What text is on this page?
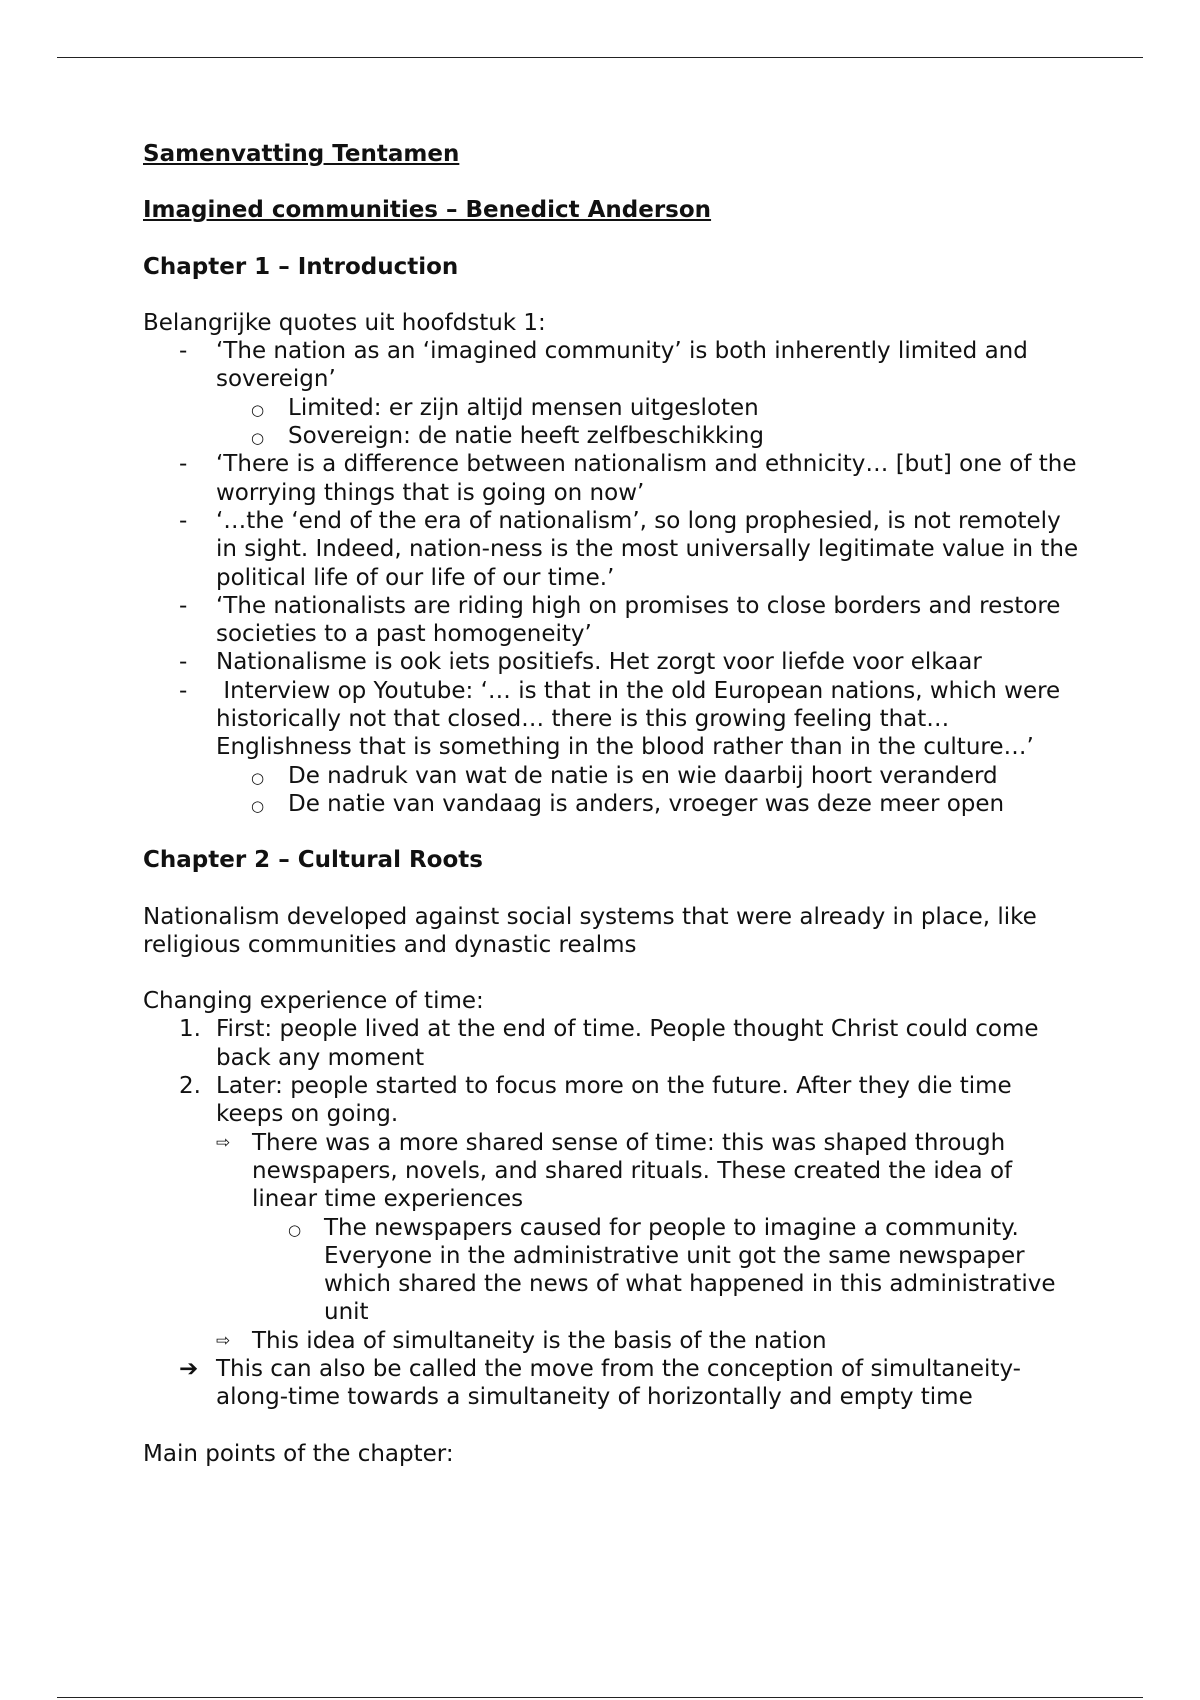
Samenvatting Tentamen

Imagined communities – Benedict Anderson

Chapter 1 – Introduction

Belangrijke quotes uit hoofdstuk 1:

- ‘The nation as an ‘imagined community’ is both inherently limited and sovereign’
○ Limited: er zijn altijd mensen uitgesloten
○ Sovereign: de natie heeft zelfbeschikking
- ‘There is a difference between nationalism and ethnicity… [but] one of the worrying things that is going on now’
- ‘…the ‘end of the era of nationalism’, so long prophesied, is not remotely in sight. Indeed, nation-ness is the most universally legitimate value in the political life of our life of our time.’
- ‘The nationalists are riding high on promises to close borders and restore societies to a past homogeneity’
- Nationalisme is ook iets positiefs. Het zorgt voor liefde voor elkaar
- Interview op Youtube: ‘… is that in the old European nations, which were historically not that closed… there is this growing feeling that… Englishness that is something in the blood rather than in the culture…’
○ De nadruk van wat de natie is en wie daarbij hoort veranderd
○ De natie van vandaag is anders, vroeger was deze meer open

Chapter 2 – Cultural Roots

Nationalism developed against social systems that were already in place, like religious communities and dynastic realms

Changing experience of time:

1. First: people lived at the end of time. People thought Christ could come back any moment
2. Later: people started to focus more on the future. After they die time keeps on going.
⇨ There was a more shared sense of time: this was shaped through newspapers, novels, and shared rituals. These created the idea of linear time experiences
○ The newspapers caused for people to imagine a community. Everyone in the administrative unit got the same newspaper which shared the news of what happened in this administrative unit
⇨ This idea of simultaneity is the basis of the nation
➔ This can also be called the move from the conception of simultaneity-along-time towards a simultaneity of horizontally and empty time

Main points of the chapter:
